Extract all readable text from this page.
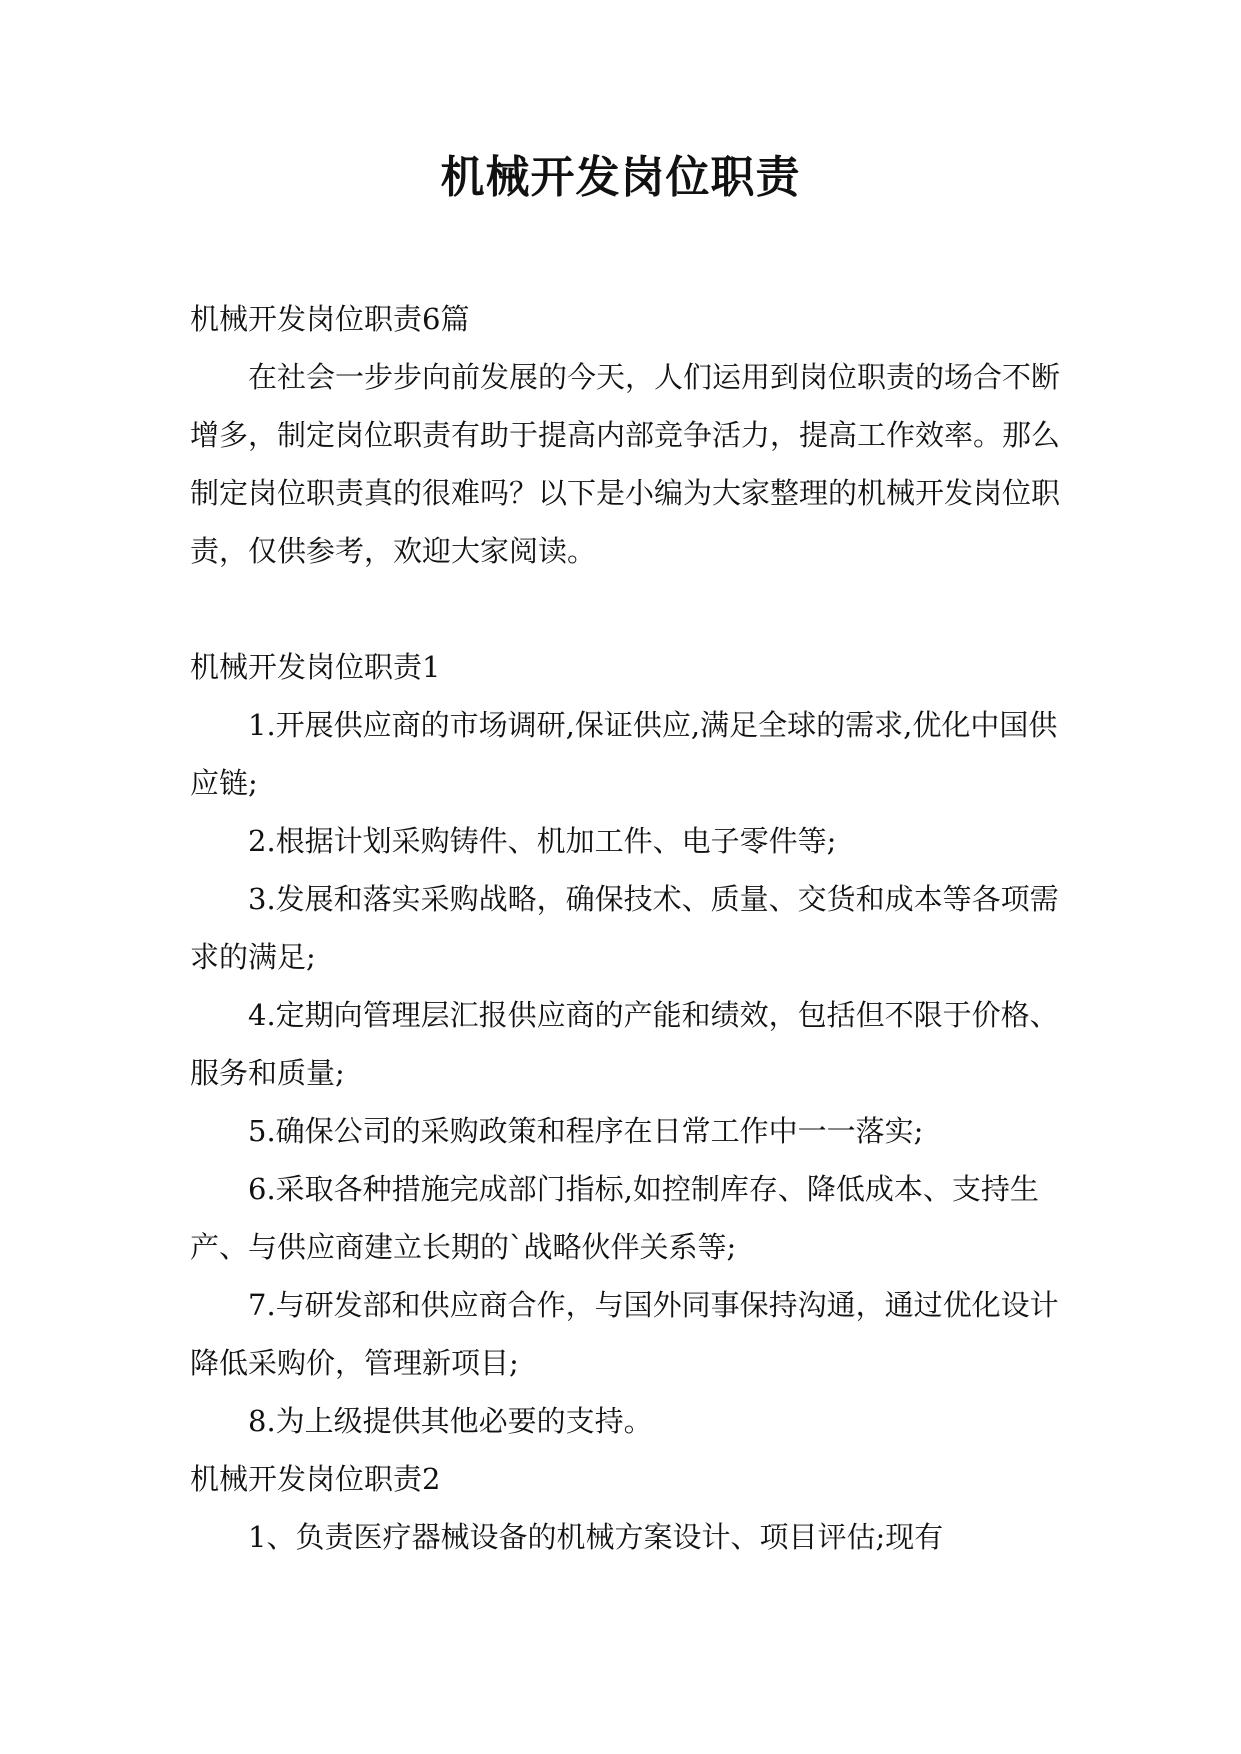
机械开发岗位职责

机械开发岗位职责6篇

在社会一步步向前发展的今天，人们运用到岗位职责的场合不断增多，制定岗位职责有助于提高内部竞争活力，提高工作效率。那么制定岗位职责真的很难吗？以下是小编为大家整理的机械开发岗位职责，仅供参考，欢迎大家阅读。

机械开发岗位职责1

1.开展供应商的市场调研,保证供应,满足全球的需求,优化中国供应链;

2.根据计划采购铸件、机加工件、电子零件等;

3.发展和落实采购战略，确保技术、质量、交货和成本等各项需求的满足;

4.定期向管理层汇报供应商的产能和绩效，包括但不限于价格、服务和质量;

5.确保公司的采购政策和程序在日常工作中一一落实;

6.采取各种措施完成部门指标,如控制库存、降低成本、支持生产、与供应商建立长期的`战略伙伴关系等;

7.与研发部和供应商合作，与国外同事保持沟通，通过优化设计降低采购价，管理新项目;

8.为上级提供其他必要的支持。

机械开发岗位职责2

1、负责医疗器械设备的机械方案设计、项目评估;现有
